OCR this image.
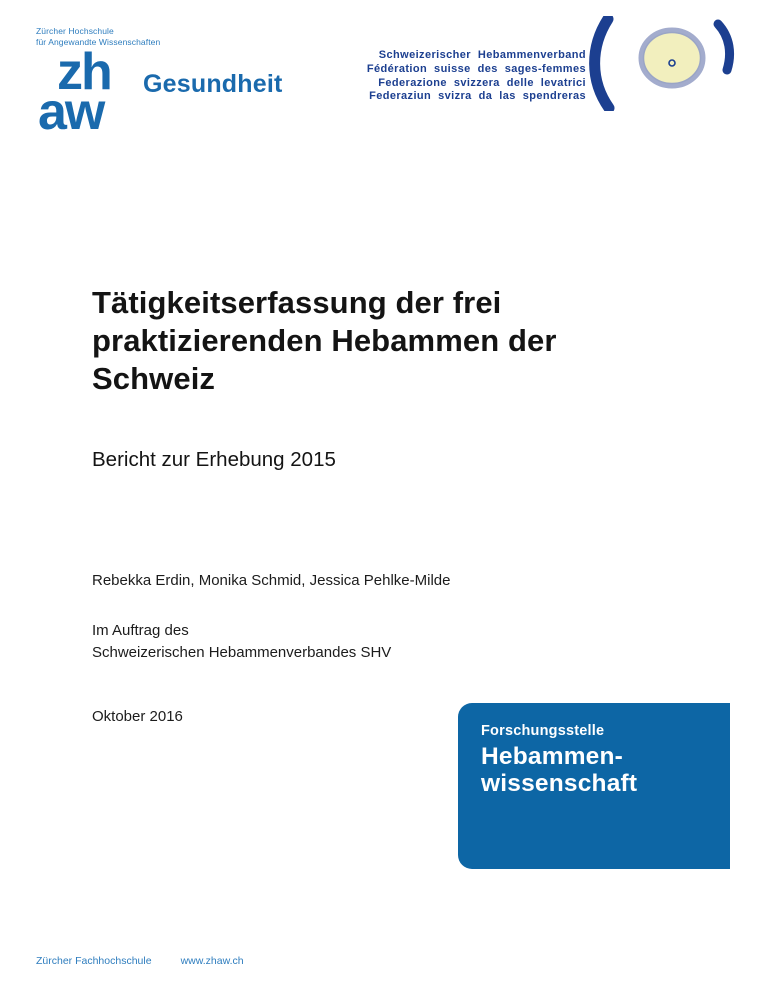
Zürcher Hochschule
für Angewandte Wissenschaften
zh
aw Gesundheit
Schweizerischer Hebammenverband
Fédération suisse des sages-femmes
Federazione svizzera delle levatrici
Federaziun svizra da las spendreras
Tätigkeitserfassung der frei
praktizierenden Hebammen der
Schweiz
Bericht zur Erhebung 2015
Rebekka Erdin, Monika Schmid, Jessica Pehlke-Milde
Im Auftrag des
Schweizerischen Hebammenverbandes SHV
Oktober 2016
Forschungsstelle
Hebammen-
wissenschaft
Zürcher Fachhochschule	www.zhaw.ch
